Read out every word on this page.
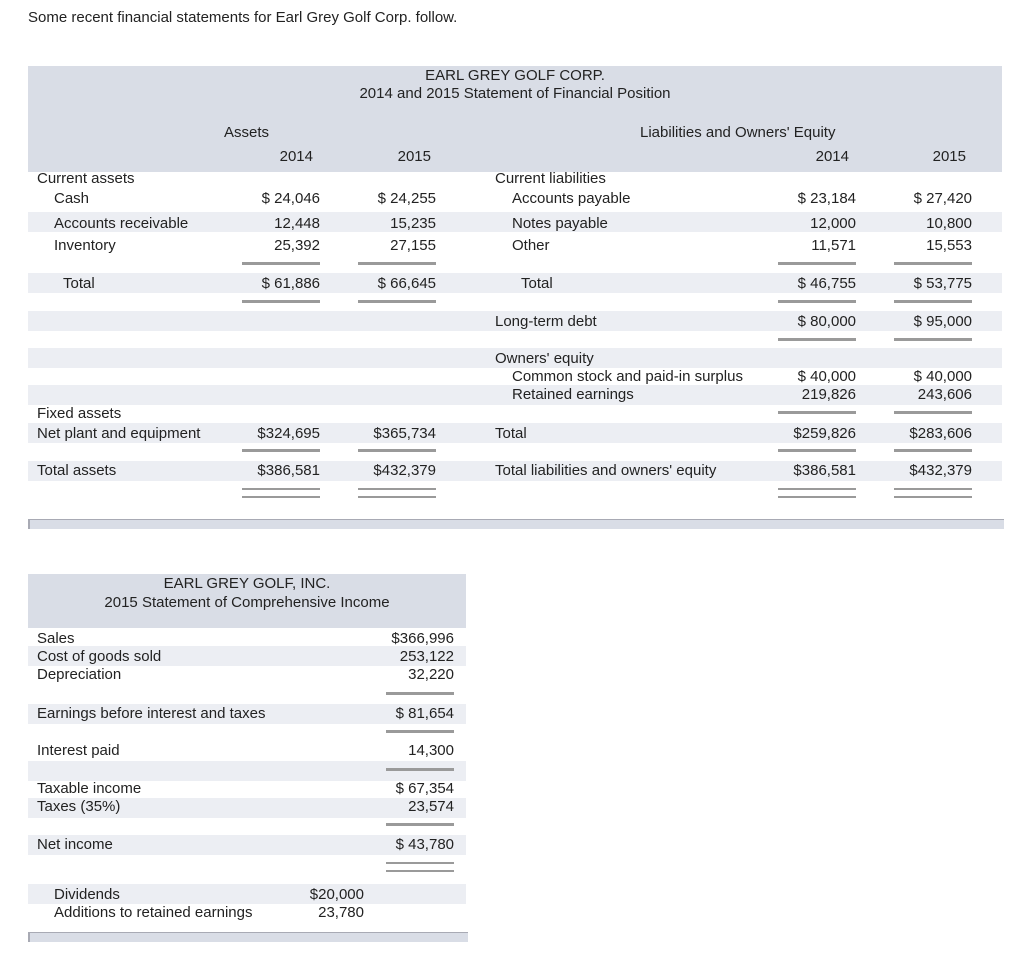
Some recent financial statements for Earl Grey Golf Corp. follow.
EARL GREY GOLF CORP.
2014 and 2015 Statement of Financial Position
Assets	Liabilities and Owners' Equity
2014	2015	2014	2015
Current assets
Cash	$ 24,046	$ 24,255
Accounts receivable	12,448	15,235
Inventory	25,392	27,155
Total	$ 61,886	$ 66,645
Fixed assets
Net plant and equipment	$324,695	$365,734
Total assets	$386,581	$432,379
Current liabilities
Accounts payable	$ 23,184	$ 27,420
Notes payable	12,000	10,800
Other	11,571	15,553
Total	$ 46,755	$ 53,775
Long-term debt	$ 80,000	$ 95,000
Owners' equity
Common stock and paid-in surplus	$ 40,000	$ 40,000
Retained earnings	219,826	243,606
Total	$259,826	$283,606
Total liabilities and owners' equity	$386,581	$432,379
EARL GREY GOLF, INC.
2015 Statement of Comprehensive Income
Sales	$366,996
Cost of goods sold	253,122
Depreciation	32,220
Earnings before interest and taxes	$ 81,654
Interest paid	14,300
Taxable income	$ 67,354
Taxes (35%)	23,574
Net income	$ 43,780
Dividends	$20,000
Additions to retained earnings	23,780
